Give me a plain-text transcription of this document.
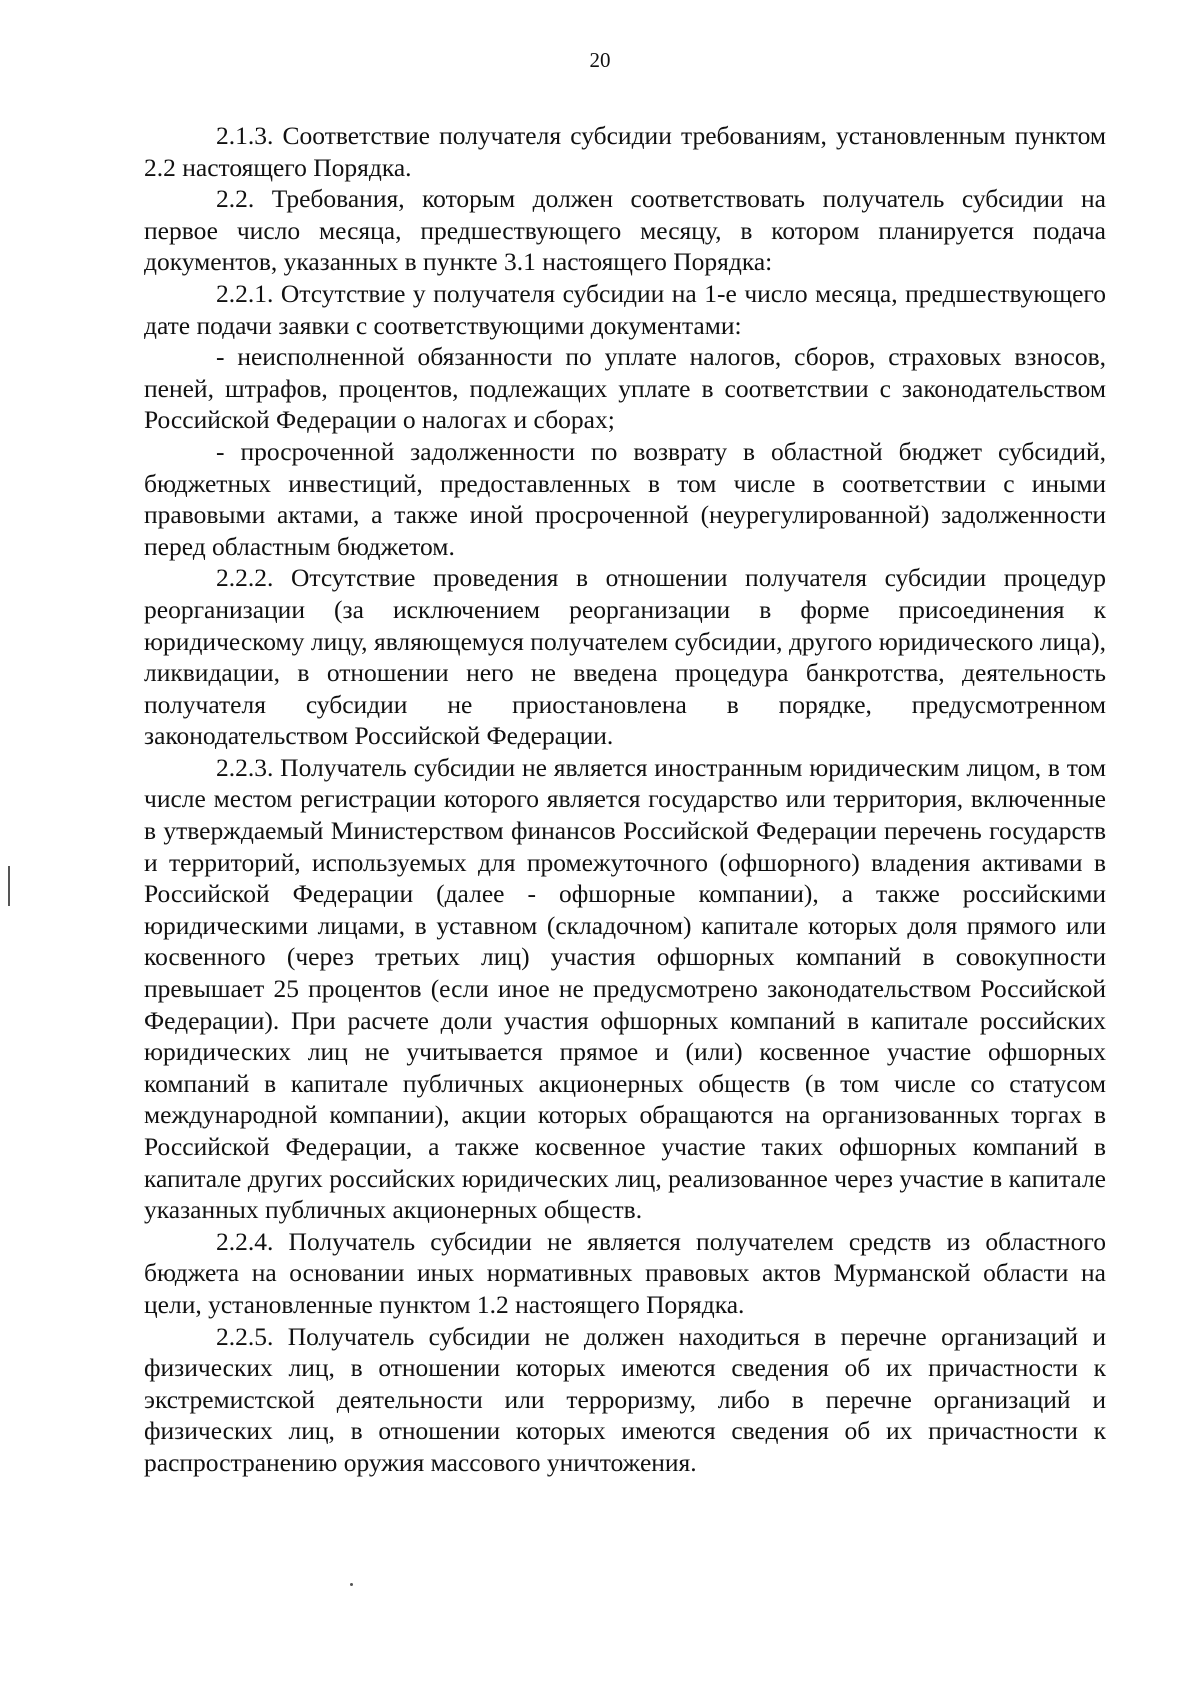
20

2.1.3. Соответствие получателя субсидии требованиям, установленным пунктом 2.2 настоящего Порядка.

2.2. Требования, которым должен соответствовать получатель субсидии на первое число месяца, предшествующего месяцу, в котором планируется подача документов, указанных в пункте 3.1 настоящего Порядка:

2.2.1. Отсутствие у получателя субсидии на 1-е число месяца, предшествующего дате подачи заявки с соответствующими документами:

- неисполненной обязанности по уплате налогов, сборов, страховых взносов, пеней, штрафов, процентов, подлежащих уплате в соответствии с законодательством Российской Федерации о налогах и сборах;

- просроченной задолженности по возврату в областной бюджет субсидий, бюджетных инвестиций, предоставленных в том числе в соответствии с иными правовыми актами, а также иной просроченной (неурегулированной) задолженности перед областным бюджетом.

2.2.2. Отсутствие проведения в отношении получателя субсидии процедур реорганизации (за исключением реорганизации в форме присоединения к юридическому лицу, являющемуся получателем субсидии, другого юридического лица), ликвидации, в отношении него не введена процедура банкротства, деятельность получателя субсидии не приостановлена в порядке, предусмотренном законодательством Российской Федерации.

2.2.3. Получатель субсидии не является иностранным юридическим лицом, в том числе местом регистрации которого является государство или территория, включенные в утверждаемый Министерством финансов Российской Федерации перечень государств и территорий, используемых для промежуточного (офшорного) владения активами в Российской Федерации (далее - офшорные компании), а также российскими юридическими лицами, в уставном (складочном) капитале которых доля прямого или косвенного (через третьих лиц) участия офшорных компаний в совокупности превышает 25 процентов (если иное не предусмотрено законодательством Российской Федерации). При расчете доли участия офшорных компаний в капитале российских юридических лиц не учитывается прямое и (или) косвенное участие офшорных компаний в капитале публичных акционерных обществ (в том числе со статусом международной компании), акции которых обращаются на организованных торгах в Российской Федерации, а также косвенное участие таких офшорных компаний в капитале других российских юридических лиц, реализованное через участие в капитале указанных публичных акционерных обществ.

2.2.4. Получатель субсидии не является получателем средств из областного бюджета на основании иных нормативных правовых актов Мурманской области на цели, установленные пунктом 1.2 настоящего Порядка.

2.2.5. Получатель субсидии не должен находиться в перечне организаций и физических лиц, в отношении которых имеются сведения об их причастности к экстремистской деятельности или терроризму, либо в перечне организаций и физических лиц, в отношении которых имеются сведения об их причастности к распространению оружия массового уничтожения.
